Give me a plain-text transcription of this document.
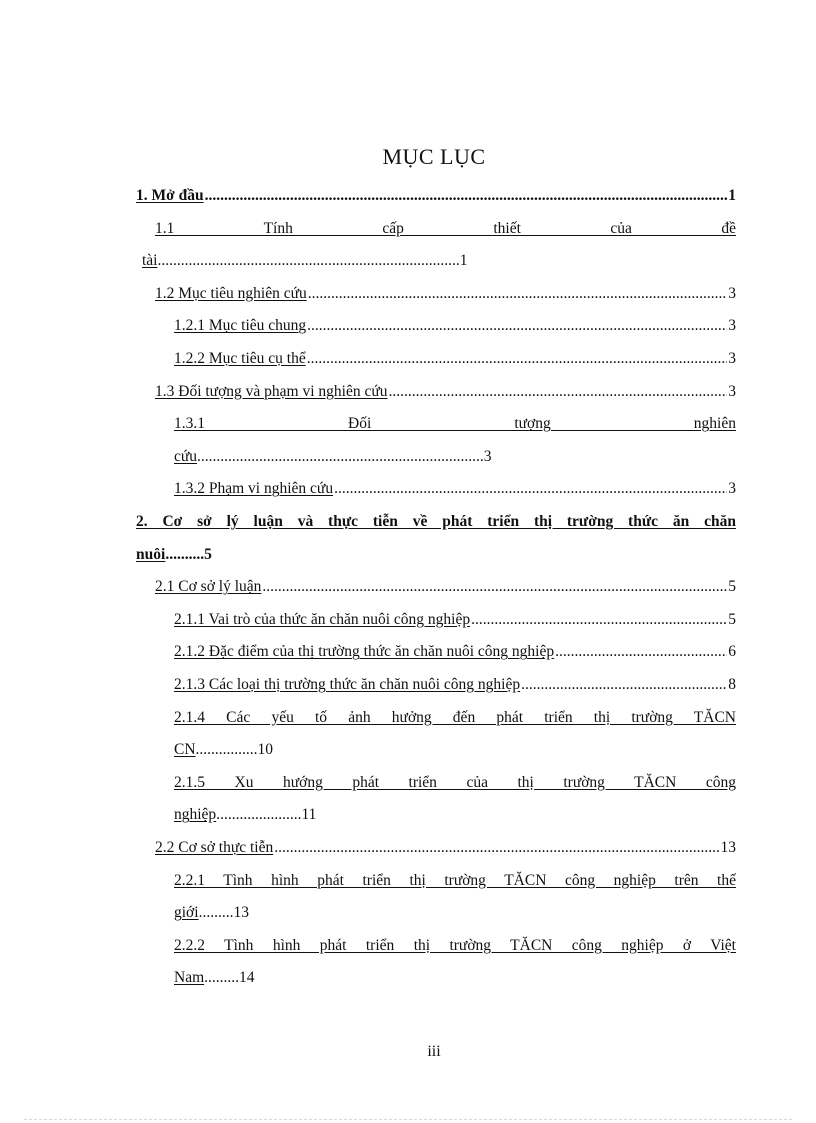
MỤC LỤC
1. Mở đầu .....	1
1.1 Tính cấp thiết của đề
tài..............................................................................1
1.2 Mục tiêu nghiên cứu .....	3
1.2.1 Mục tiêu chung .....	3
1.2.2 Mục tiêu cụ thể .....	3
1.3 Đối tượng và phạm vi nghiên cứu .....	3
1.3.1 Đối tượng nghiên
cứu..........................................................................3
1.3.2 Phạm vi nghiên cứu .....	3
2. Cơ sở lý luận và thực tiễn về phát triển thị trường thức ăn chăn
nuôi..........5
2.1 Cơ sở lý luận .....	5
2.1.1 Vai trò của thức ăn chăn nuôi công nghiệp .....	5
2.1.2 Đặc điểm của thị trường thức ăn chăn nuôi công nghiệp .....	6
2.1.3 Các loại thị trường thức ăn chăn nuôi công nghiệp .....	8
2.1.4 Các yếu tố ảnh hưởng đến phát triển thị trường TĂCN
CN................10
2.1.5 Xu hướng phát triển của thị trường TĂCN công
nghiệp......................11
2.2 Cơ sở thực tiễn .....	13
2.2.1 Tình hình phát triển thị trường TĂCN công nghiệp trên thế
giới.........13
2.2.2 Tình hình phát triển thị trường TĂCN công nghiệp ở Việt
Nam.........14
iii
